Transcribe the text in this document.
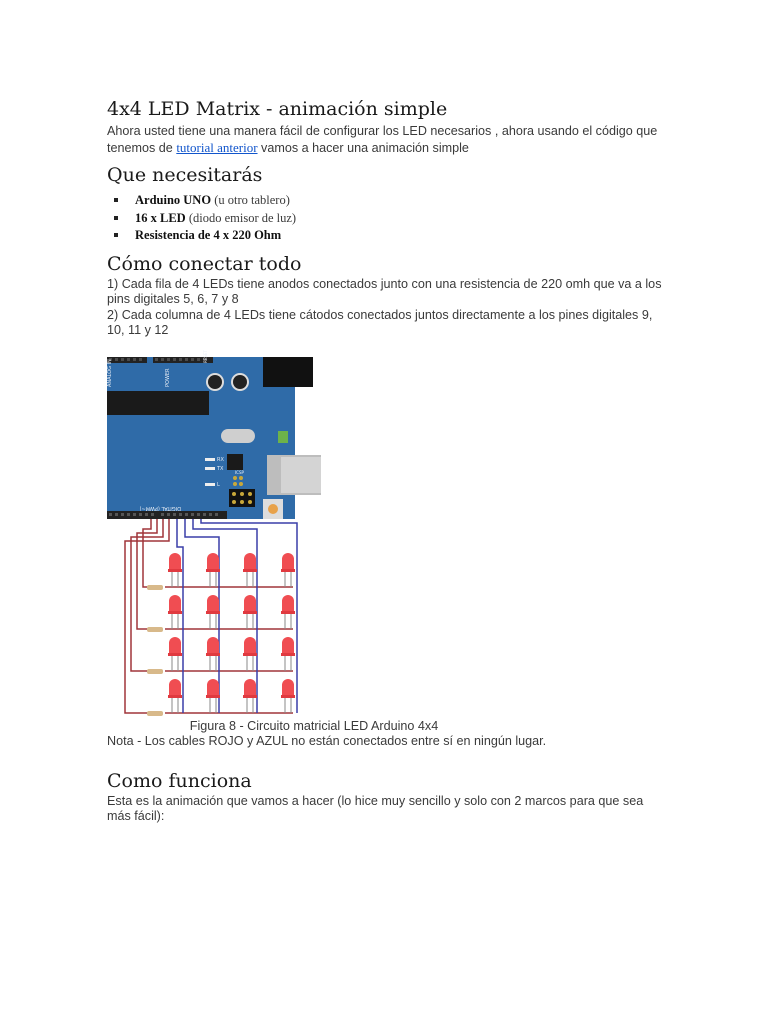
4x4 LED Matrix - animación simple

Ahora usted tiene una manera fácil de configurar los LED necesarios , ahora usando el código que tenemos de tutorial anterior vamos a hacer una animación simple

Que necesitarás
Arduino UNO (u otro tablero)
16 x LED (diodo emisor de luz)
Resistencia de 4 x 220 Ohm
Cómo conectar todo

1) Cada fila de 4 LEDs tiene anodos conectados junto con una resistencia de 220 omh que va a los pins digitales 5, 6, 7 y 8

2) Cada columna de 4 LEDs tiene cátodos conectados juntos directamente a los pines digitales 9, 10, 11 y 12

ANALOG IN	POWER
DIGITAL (PWM~)
RX
TX
L
ICSP
RESET

Figura 8 - Circuito matricial LED Arduino 4x4

Nota - Los cables ROJO y AZUL no están conectados entre sí en ningún lugar.

Como funciona

Esta es la animación que vamos a hacer (lo hice muy sencillo y solo con 2 marcos para que sea más fácil):
